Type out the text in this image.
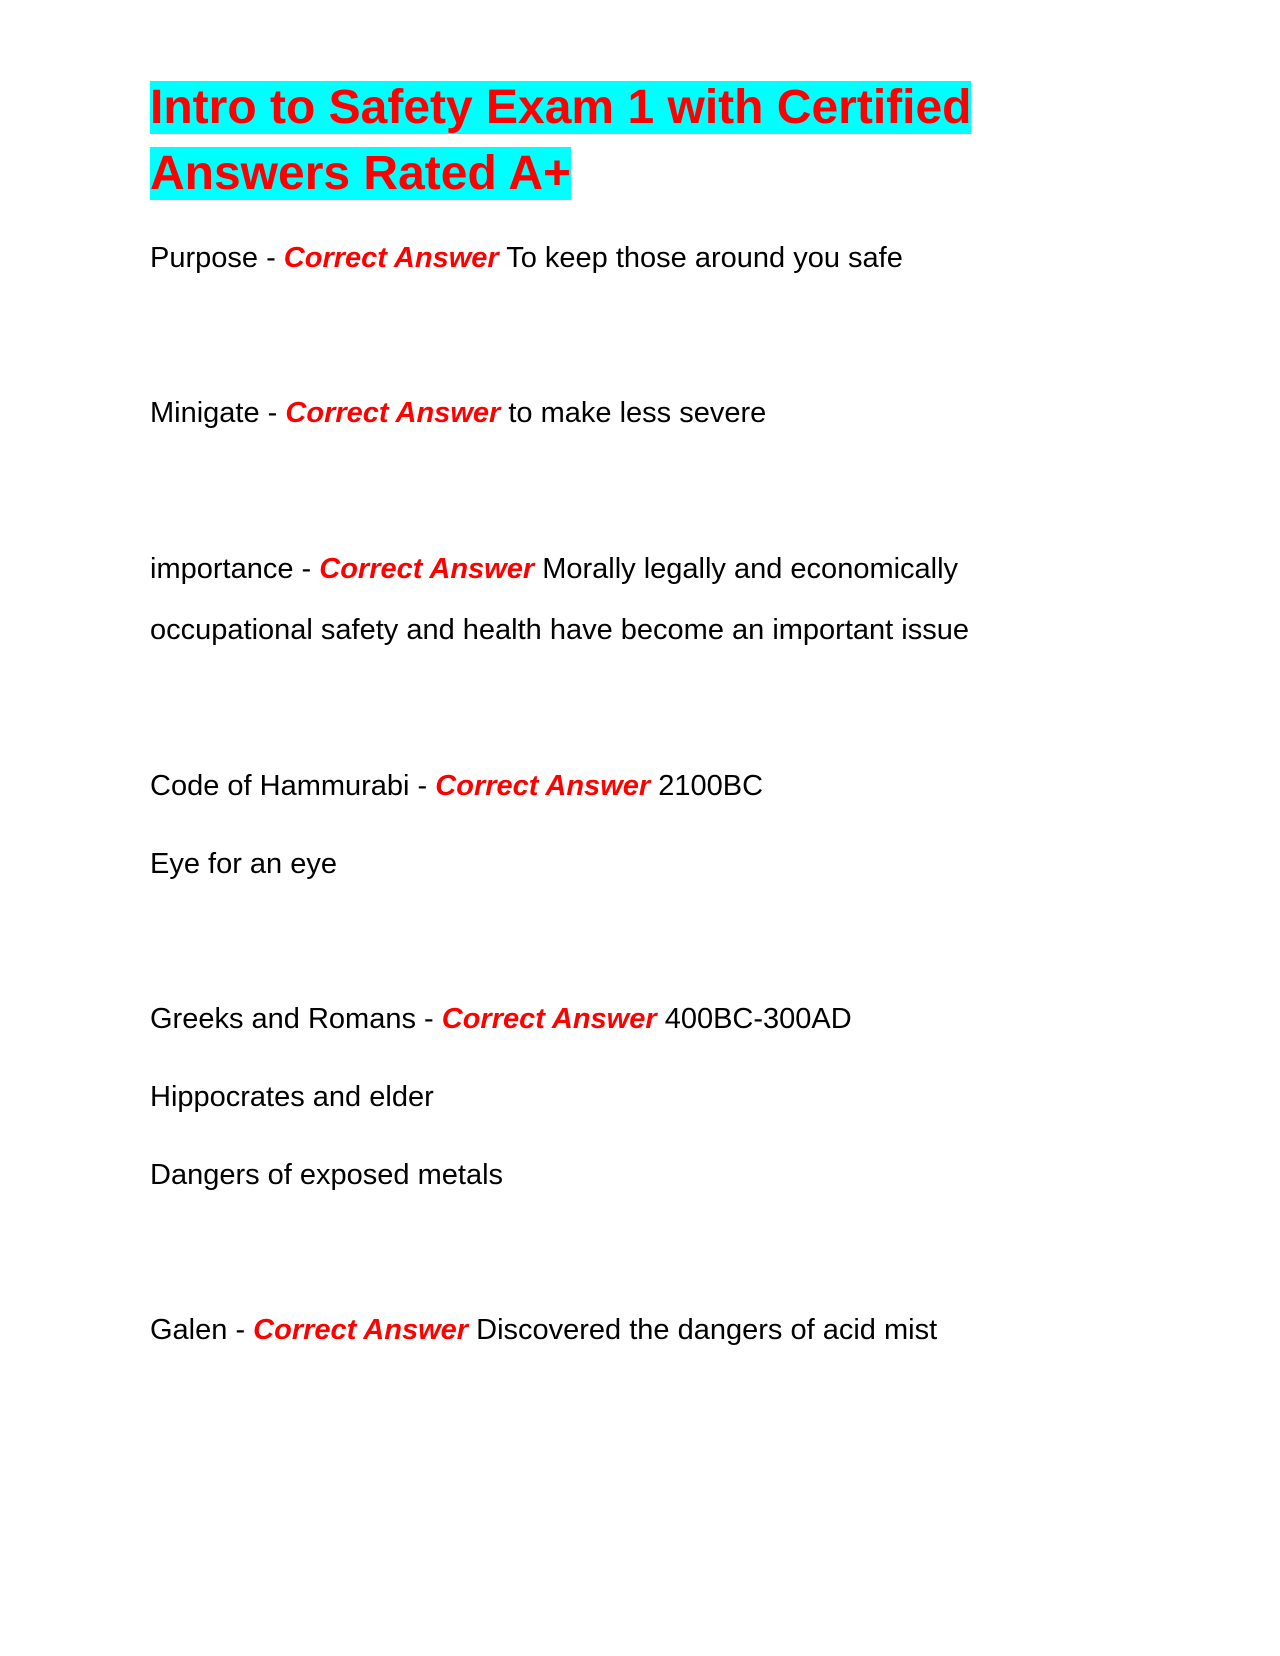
Intro to Safety Exam 1 with Certified
Answers Rated A+

Purpose - Correct Answer To keep those around you safe

Minigate - Correct Answer to make less severe

importance - Correct Answer Morally legally and economically

occupational safety and health have become an important issue

Code of Hammurabi - Correct Answer 2100BC

Eye for an eye

Greeks and Romans - Correct Answer 400BC-300AD

Hippocrates and elder

Dangers of exposed metals

Galen - Correct Answer Discovered the dangers of acid mist
